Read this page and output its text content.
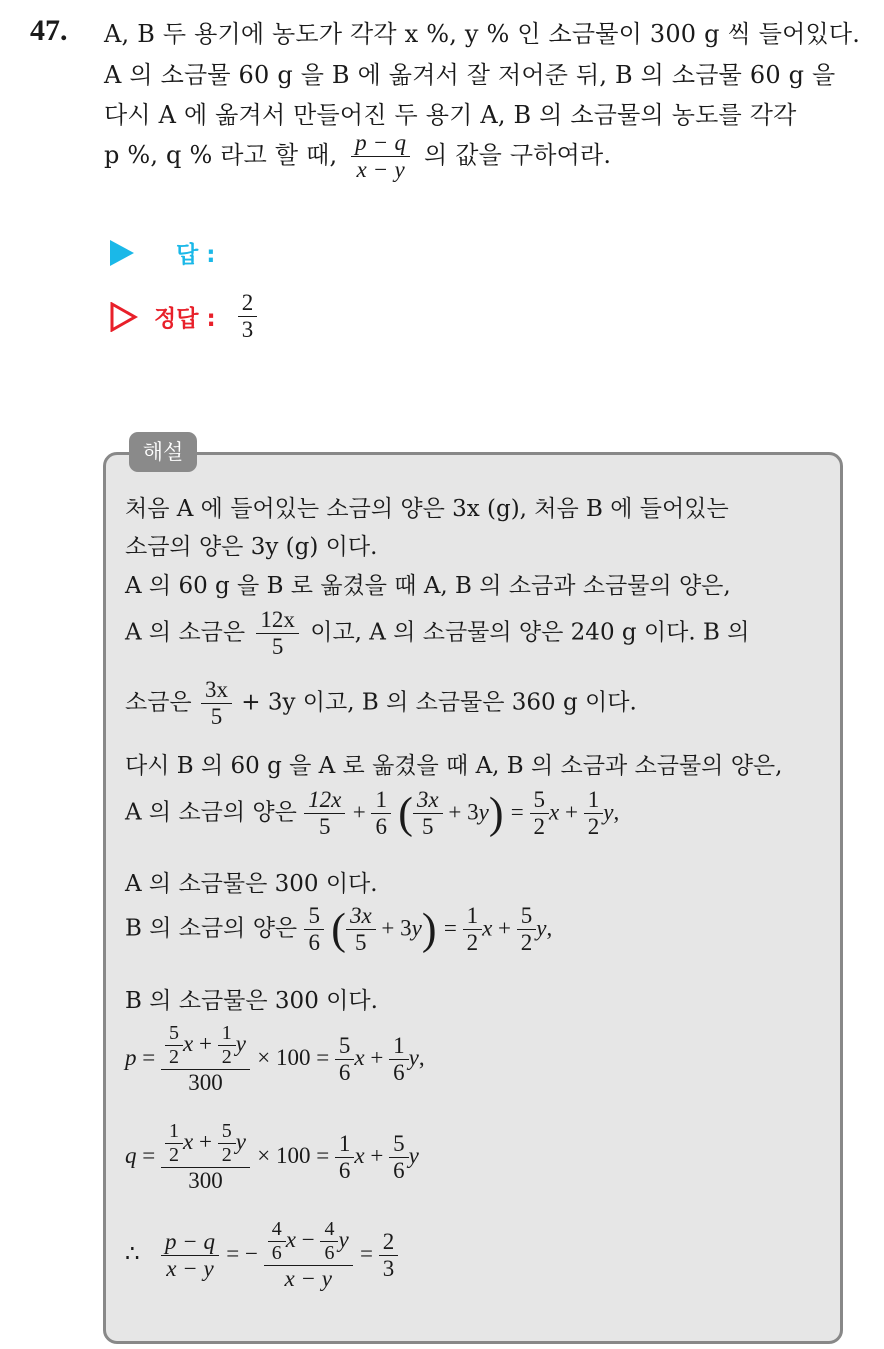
47. A, B 두 용기에 농도가 각각 x %, y % 인 소금물이 300 g 씩 들어있다.
A 의 소금물 60 g 을 B 에 옮겨서 잘 저어준 뒤, B 의 소금물 60 g 을
다시 A 에 옮겨서 만들어진 두 용기 A, B 의 소금물의 농도를 각각
p %, q % 라고 할 때, $\frac{p - q}{x - y}$ 의 값을 구하여라.
답 :
정답 : $\frac{2}{3}$
해설
처음 A 에 들어있는 소금의 양은 3x (g), 처음 B 에 들어있는
소금의 양은 3y (g) 이다.
A 의 60 g 을 B 로 옮겼을 때 A, B 의 소금과 소금물의 양은,
A 의 소금은 $\frac{12x}{5}$ 이고, A 의 소금물의 양은 240 g 이다. B 의
소금은 $\frac{3x}{5} + 3y$ 이고, B 의 소금물은 360 g 이다.
다시 B 의 60 g 을 A 로 옮겼을 때 A, B 의 소금과 소금물의 양은,
A 의 소금의 양은 $\frac{12x}{5} + \frac{1}{6}$ ( $\frac{3x}{5} + 3y) = \frac{5}{2}$ $x + \frac{1}{2} y$,
A 의 소금물은 300 이다.
B 의 소금의 양은 $\frac{5}{6}$ ( $\frac{3x}{5} + 3y) = \frac{1}{2}$ $x + \frac{5}{2} y$,
B 의 소금물은 300 이다.
$p = \frac{\frac{5}{2} x + \frac{1}{2} y}{300} \times 100 = \frac{5}{6}$ $x + \frac{1}{6} y$,
$q = \frac{\frac{1}{2} x + \frac{5}{2} y}{300} \times 100 = \frac{1}{6}$ $x + \frac{5}{6}$ y
∴ $\frac{p - q}{x - y}$ = − $\frac{\frac{4}{6} x - \frac{4}{6} y}{x - y} = \frac{2}{3}$
